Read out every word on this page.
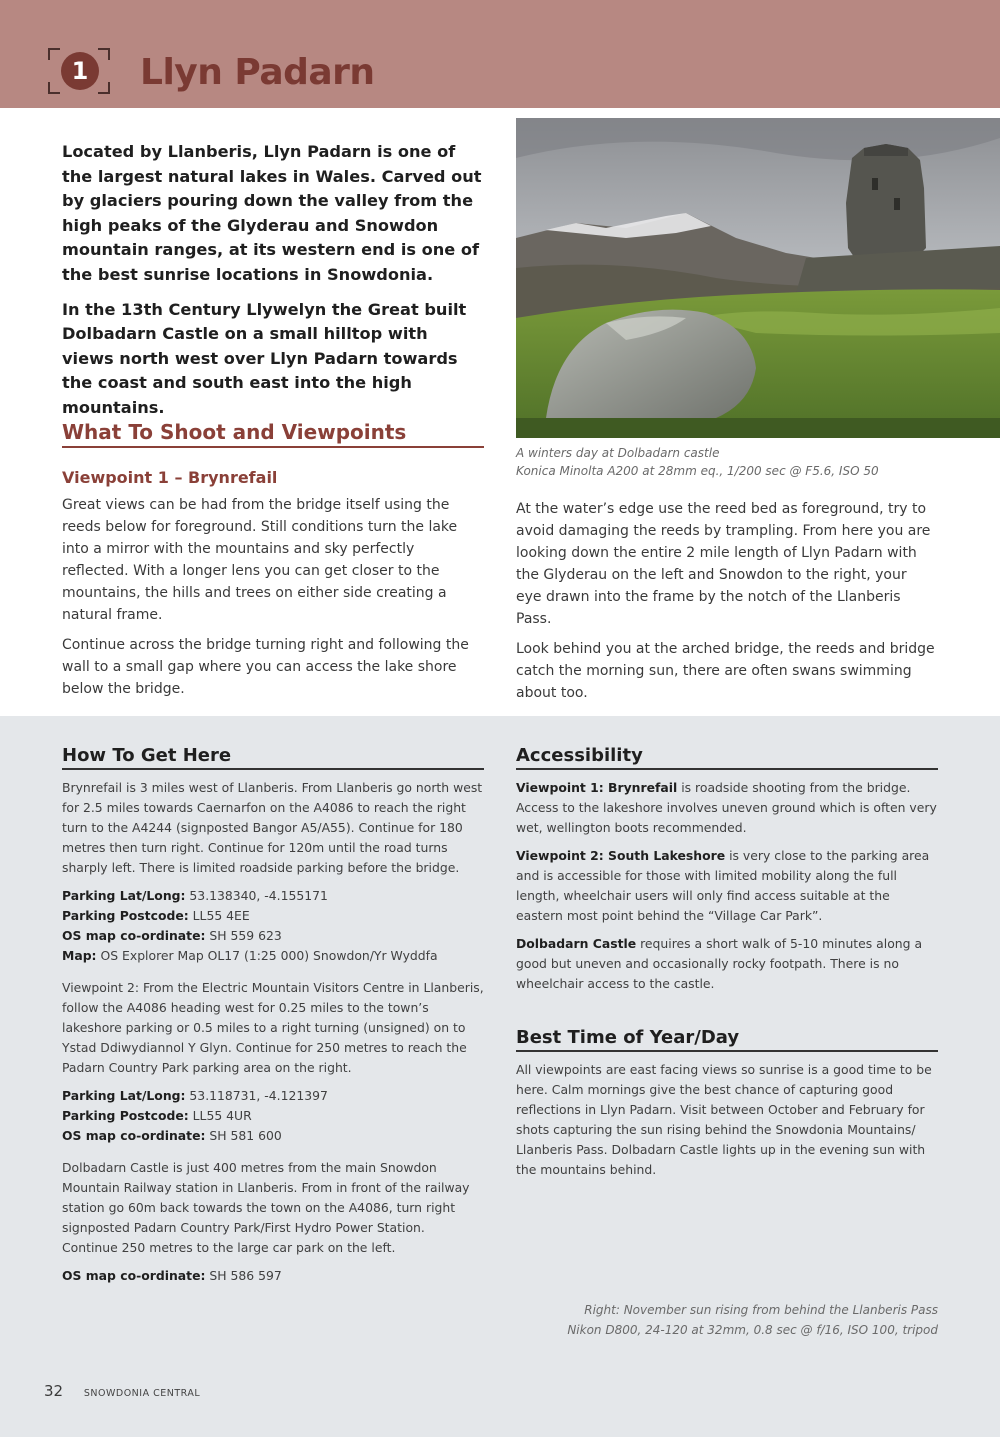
1 Llyn Padarn

Located by Llanberis, Llyn Padarn is one of the largest natural lakes in Wales. Carved out by glaciers pouring down the valley from the high peaks of the Glyderau and Snowdon mountain ranges, at its western end is one of the best sunrise locations in Snowdonia.

In the 13th Century Llywelyn the Great built Dolbadarn Castle on a small hilltop with views north west over Llyn Padarn towards the coast and south east into the high mountains.

A winters day at Dolbadarn castle
Konica Minolta A200 at 28mm eq., 1/200 sec @ F5.6, ISO 50
What To Shoot and Viewpoints
Viewpoint 1 – Brynrefail

Great views can be had from the bridge itself using the reeds below for foreground. Still conditions turn the lake into a mirror with the mountains and sky perfectly reflected. With a longer lens you can get closer to the mountains, the hills and trees on either side creating a natural frame.

Continue across the bridge turning right and following the wall to a small gap where you can access the lake shore below the bridge.

At the water’s edge use the reed bed as foreground, try to avoid damaging the reeds by trampling. From here you are looking down the entire 2 mile length of Llyn Padarn with the Glyderau on the left and Snowdon to the right, your eye drawn into the frame by the notch of the Llanberis Pass.

Look behind you at the arched bridge, the reeds and bridge catch the morning sun, there are often swans swimming about too.

How To Get Here

Brynrefail is 3 miles west of Llanberis. From Llanberis go north west for 2.5 miles towards Caernarfon on the A4086 to reach the right turn to the A4244 (signposted Bangor A5/A55). Continue for 180 metres then turn right. Continue for 120m until the road turns sharply left. There is limited roadside parking before the bridge.

Parking Lat/Long: 53.138340, -4.155171
Parking Postcode: LL55 4EE
OS map co-ordinate: SH 559 623
Map: OS Explorer Map OL17 (1:25 000) Snowdon/Yr Wyddfa

Viewpoint 2: From the Electric Mountain Visitors Centre in Llanberis, follow the A4086 heading west for 0.25 miles to the town’s lakeshore parking or 0.5 miles to a right turning (unsigned) on to Ystad Ddiwydiannol Y Glyn. Continue for 250 metres to reach the Padarn Country Park parking area on the right.

Parking Lat/Long: 53.118731, -4.121397
Parking Postcode: LL55 4UR
OS map co-ordinate: SH 581 600

Dolbadarn Castle is just 400 metres from the main Snowdon Mountain Railway station in Llanberis. From in front of the railway station go 60m back towards the town on the A4086, turn right signposted Padarn Country Park/First Hydro Power Station. Continue 250 metres to the large car park on the left.

OS map co-ordinate: SH 586 597
Accessibility

Viewpoint 1: Brynrefail is roadside shooting from the bridge. Access to the lakeshore involves uneven ground which is often very wet, wellington boots recommended.

Viewpoint 2: South Lakeshore is very close to the parking area and is accessible for those with limited mobility along the full length, wheelchair users will only find access suitable at the eastern most point behind the “Village Car Park”.

Dolbadarn Castle requires a short walk of 5-10 minutes along a good but uneven and occasionally rocky footpath. There is no wheelchair access to the castle.

Best Time of Year/Day

All viewpoints are east facing views so sunrise is a good time to be here. Calm mornings give the best chance of capturing good reflections in Llyn Padarn. Visit between October and February for shots capturing the sun rising behind the Snowdonia Mountains/ Llanberis Pass. Dolbadarn Castle lights up in the evening sun with the mountains behind.

Right: November sun rising from behind the Llanberis Pass
Nikon D800, 24-120 at 32mm, 0.8 sec @ f/16, ISO 100, tripod
32 SNOWDONIA CENTRAL
